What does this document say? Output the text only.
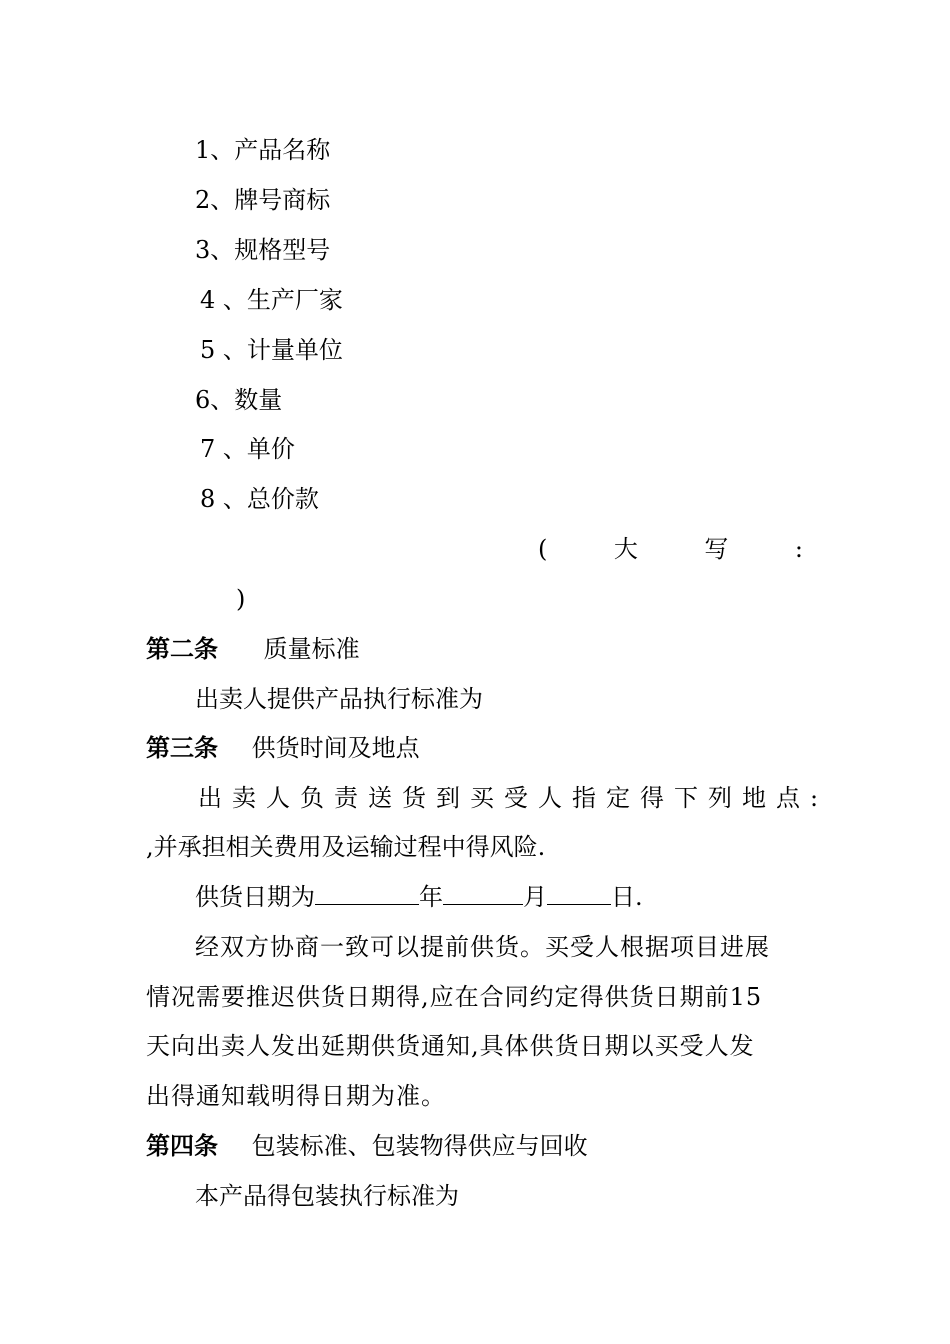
1、产品名称
2、牌号商标
3、规格型号
4 、生产厂家
5 、计量单位
6、数量
7 、单价
8 、总价款
(	大	写	:
)
第二条 质量标准
出卖人提供产品执行标准为
第三条 供货时间及地点
出卖人负责送货到买受人指定得下列地点:
,并承担相关费用及运输过程中得风险.
供货日期为	年	月	日.
经双方协商一致可以提前供货。买受人根据项目进展
情况需要推迟供货日期得,应在合同约定得供货日期前15
天向出卖人发出延期供货通知,具体供货日期以买受人发
出得通知载明得日期为准。
第四条 包装标准、包装物得供应与回收
本产品得包装执行标准为
